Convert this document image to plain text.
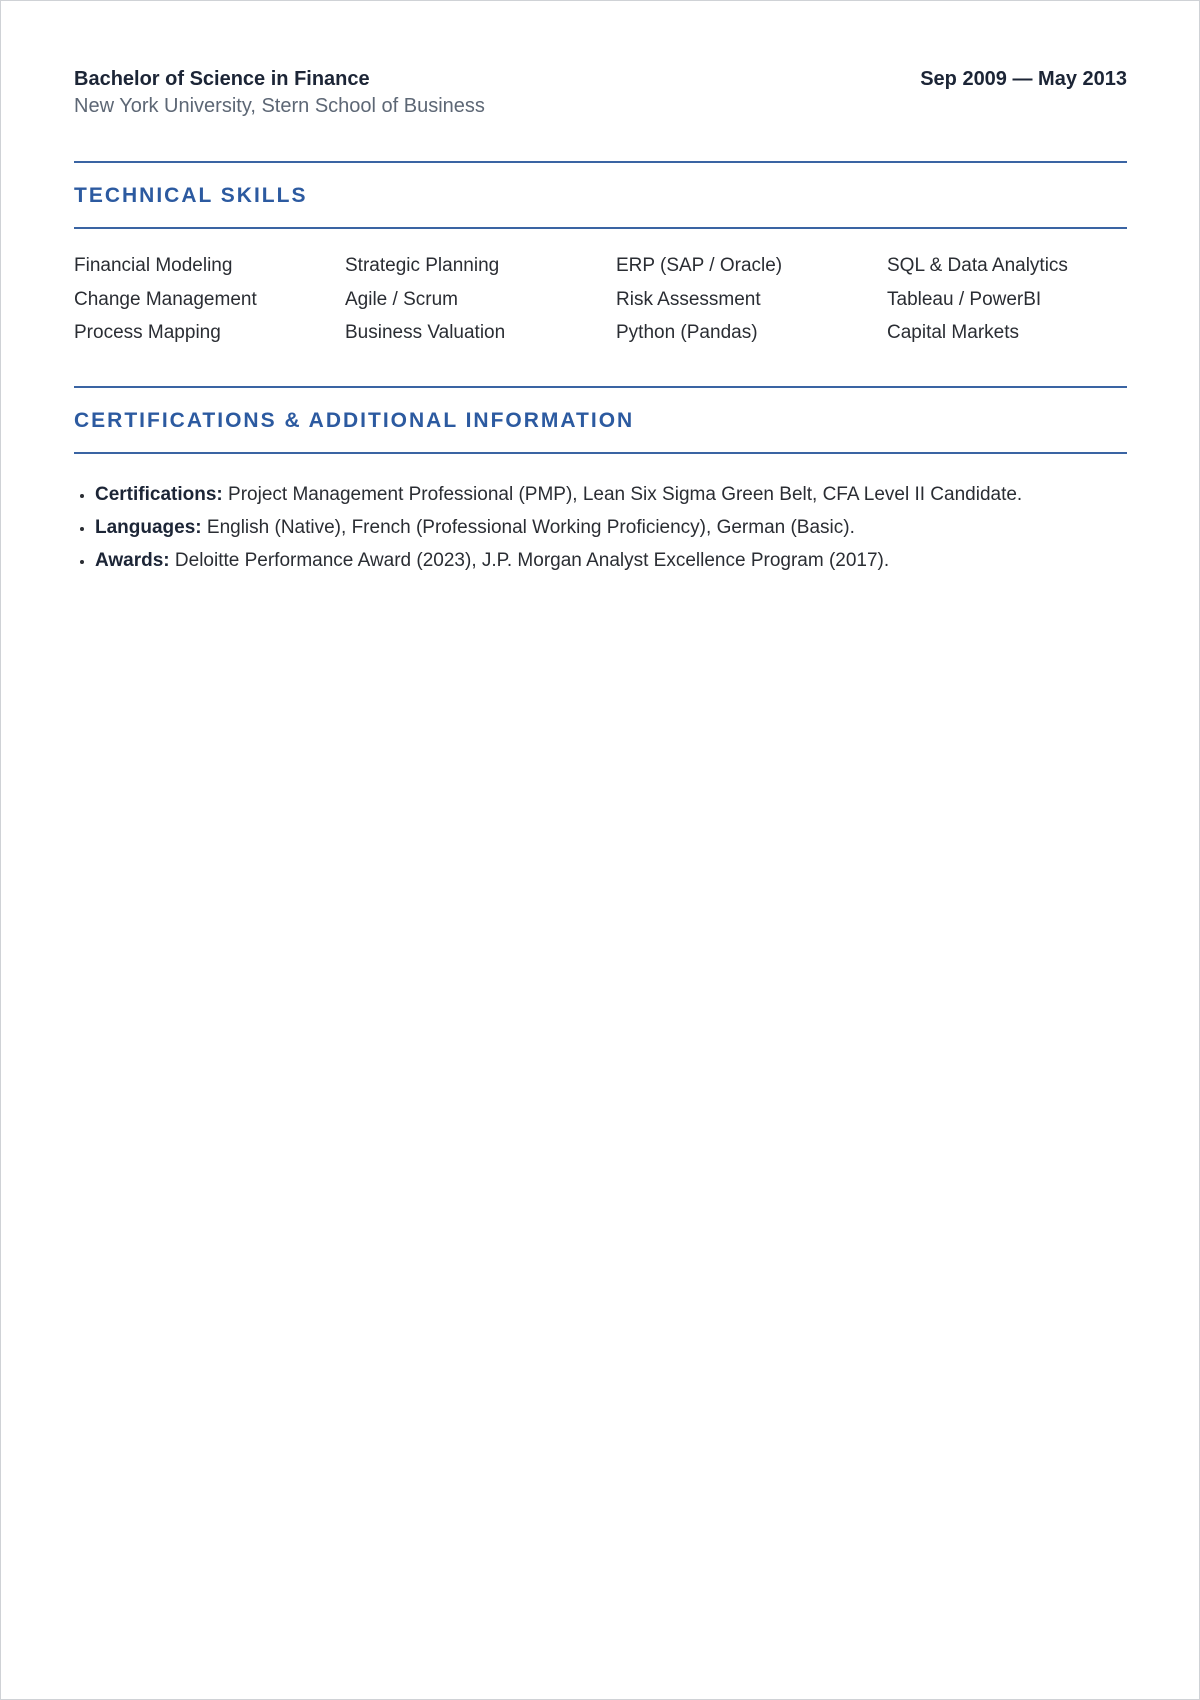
Bachelor of Science in Finance
New York University, Stern School of Business
Sep 2009 — May 2013
TECHNICAL SKILLS
Financial Modeling	Strategic Planning	ERP (SAP / Oracle)	SQL & Data Analytics
Change Management	Agile / Scrum	Risk Assessment	Tableau / PowerBI
Process Mapping	Business Valuation	Python (Pandas)	Capital Markets
CERTIFICATIONS & ADDITIONAL INFORMATION
• Certifications: Project Management Professional (PMP), Lean Six Sigma Green Belt, CFA Level II Candidate.
• Languages: English (Native), French (Professional Working Proficiency), German (Basic).
• Awards: Deloitte Performance Award (2023), J.P. Morgan Analyst Excellence Program (2017).
